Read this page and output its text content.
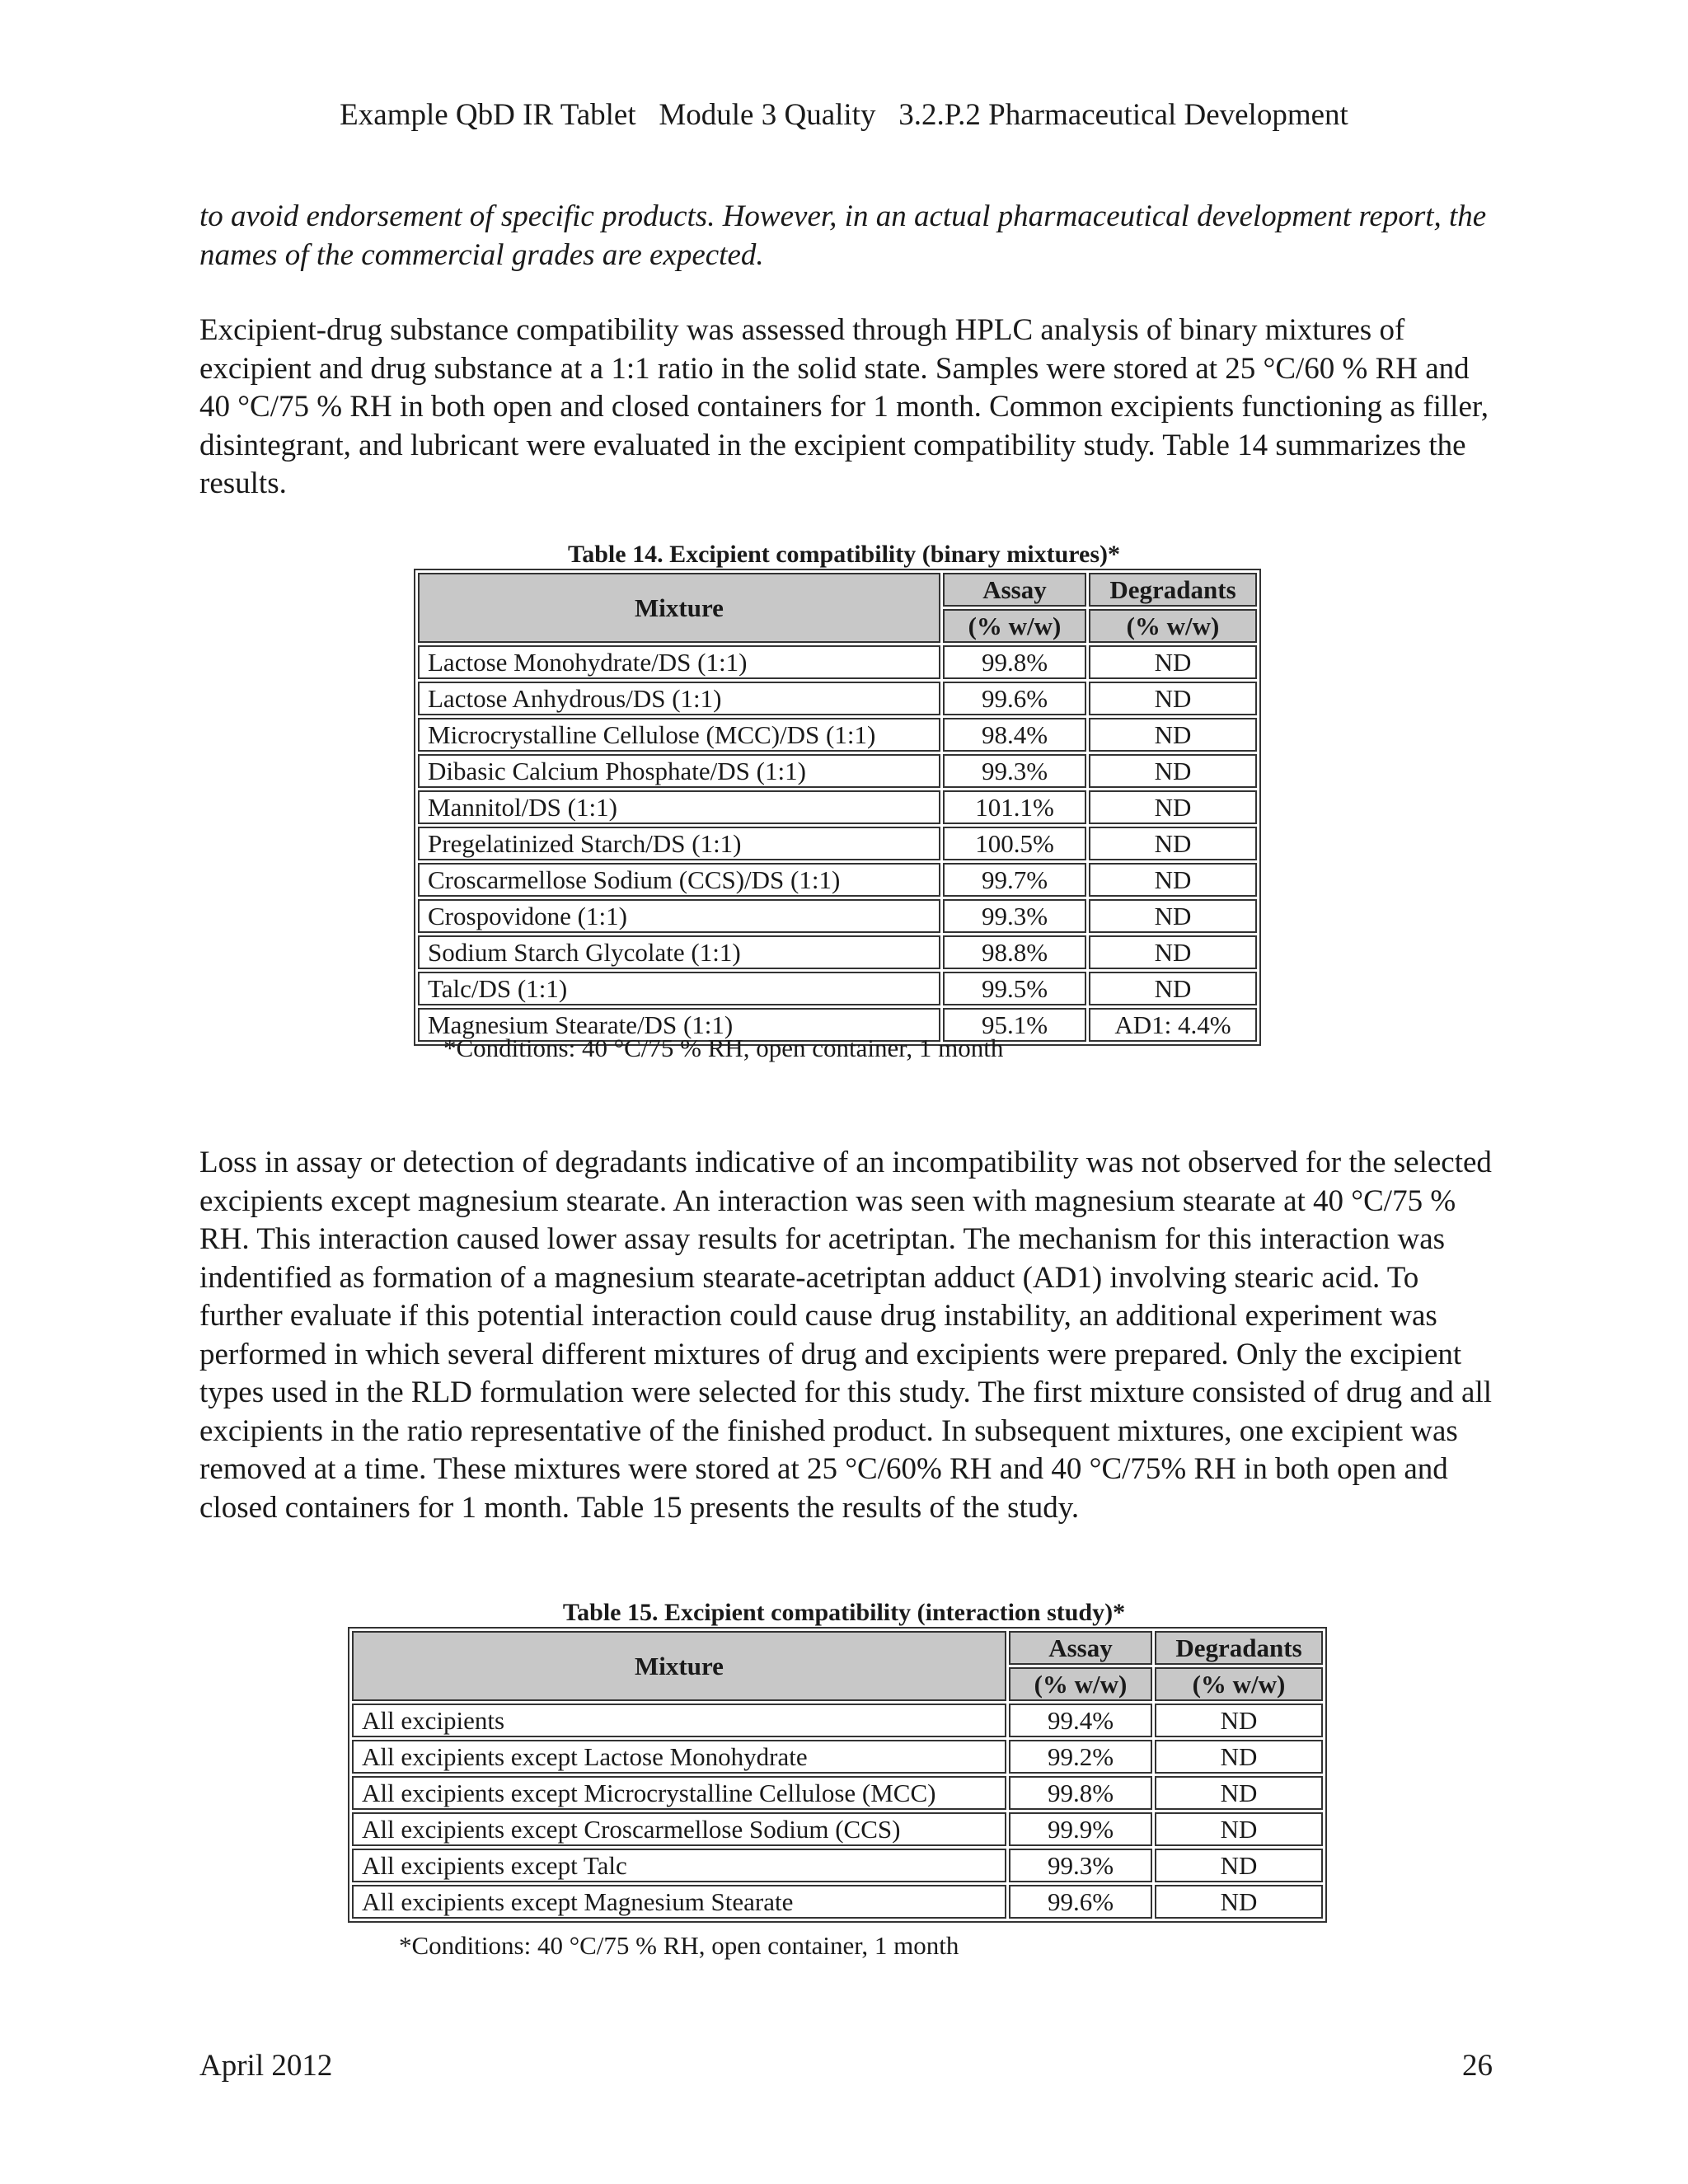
Example QbD IR Tablet   Module 3 Quality   3.2.P.2 Pharmaceutical Development

to avoid endorsement of specific products. However, in an actual pharmaceutical development report, the names of the commercial grades are expected.

Excipient-drug substance compatibility was assessed through HPLC analysis of binary mixtures of excipient and drug substance at a 1:1 ratio in the solid state. Samples were stored at 25 °C/60 % RH and 40 °C/75 % RH in both open and closed containers for 1 month. Common excipients functioning as filler, disintegrant, and lubricant were evaluated in the excipient compatibility study. Table 14 summarizes the results.

Table 14. Excipient compatibility (binary mixtures)*
Mixture	Assay	Degradants
	(% w/w)	(% w/w)
Lactose Monohydrate/DS (1:1)	99.8%	ND
Lactose Anhydrous/DS (1:1)	99.6%	ND
Microcrystalline Cellulose (MCC)/DS (1:1)	98.4%	ND
Dibasic Calcium Phosphate/DS (1:1)	99.3%	ND
Mannitol/DS (1:1)	101.1%	ND
Pregelatinized Starch/DS (1:1)	100.5%	ND
Croscarmellose Sodium (CCS)/DS (1:1)	99.7%	ND
Crospovidone (1:1)	99.3%	ND
Sodium Starch Glycolate (1:1)	98.8%	ND
Talc/DS (1:1)	99.5%	ND
Magnesium Stearate/DS (1:1)	95.1%	AD1: 4.4%
*Conditions: 40 °C/75 % RH, open container, 1 month

Loss in assay or detection of degradants indicative of an incompatibility was not observed for the selected excipients except magnesium stearate. An interaction was seen with magnesium stearate at 40 °C/75 % RH. This interaction caused lower assay results for acetriptan. The mechanism for this interaction was indentified as formation of a magnesium stearate-acetriptan adduct (AD1) involving stearic acid. To further evaluate if this potential interaction could cause drug instability, an additional experiment was performed in which several different mixtures of drug and excipients were prepared. Only the excipient types used in the RLD formulation were selected for this study. The first mixture consisted of drug and all excipients in the ratio representative of the finished product. In subsequent mixtures, one excipient was removed at a time. These mixtures were stored at 25 °C/60% RH and 40 °C/75% RH in both open and closed containers for 1 month. Table 15 presents the results of the study.

Table 15. Excipient compatibility (interaction study)*
Mixture	Assay	Degradants
	(% w/w)	(% w/w)
All excipients	99.4%	ND
All excipients except Lactose Monohydrate	99.2%	ND
All excipients except Microcrystalline Cellulose (MCC)	99.8%	ND
All excipients except Croscarmellose Sodium (CCS)	99.9%	ND
All excipients except Talc	99.3%	ND
All excipients except Magnesium Stearate	99.6%	ND
*Conditions: 40 °C/75 % RH, open container, 1 month
April 2012	26
